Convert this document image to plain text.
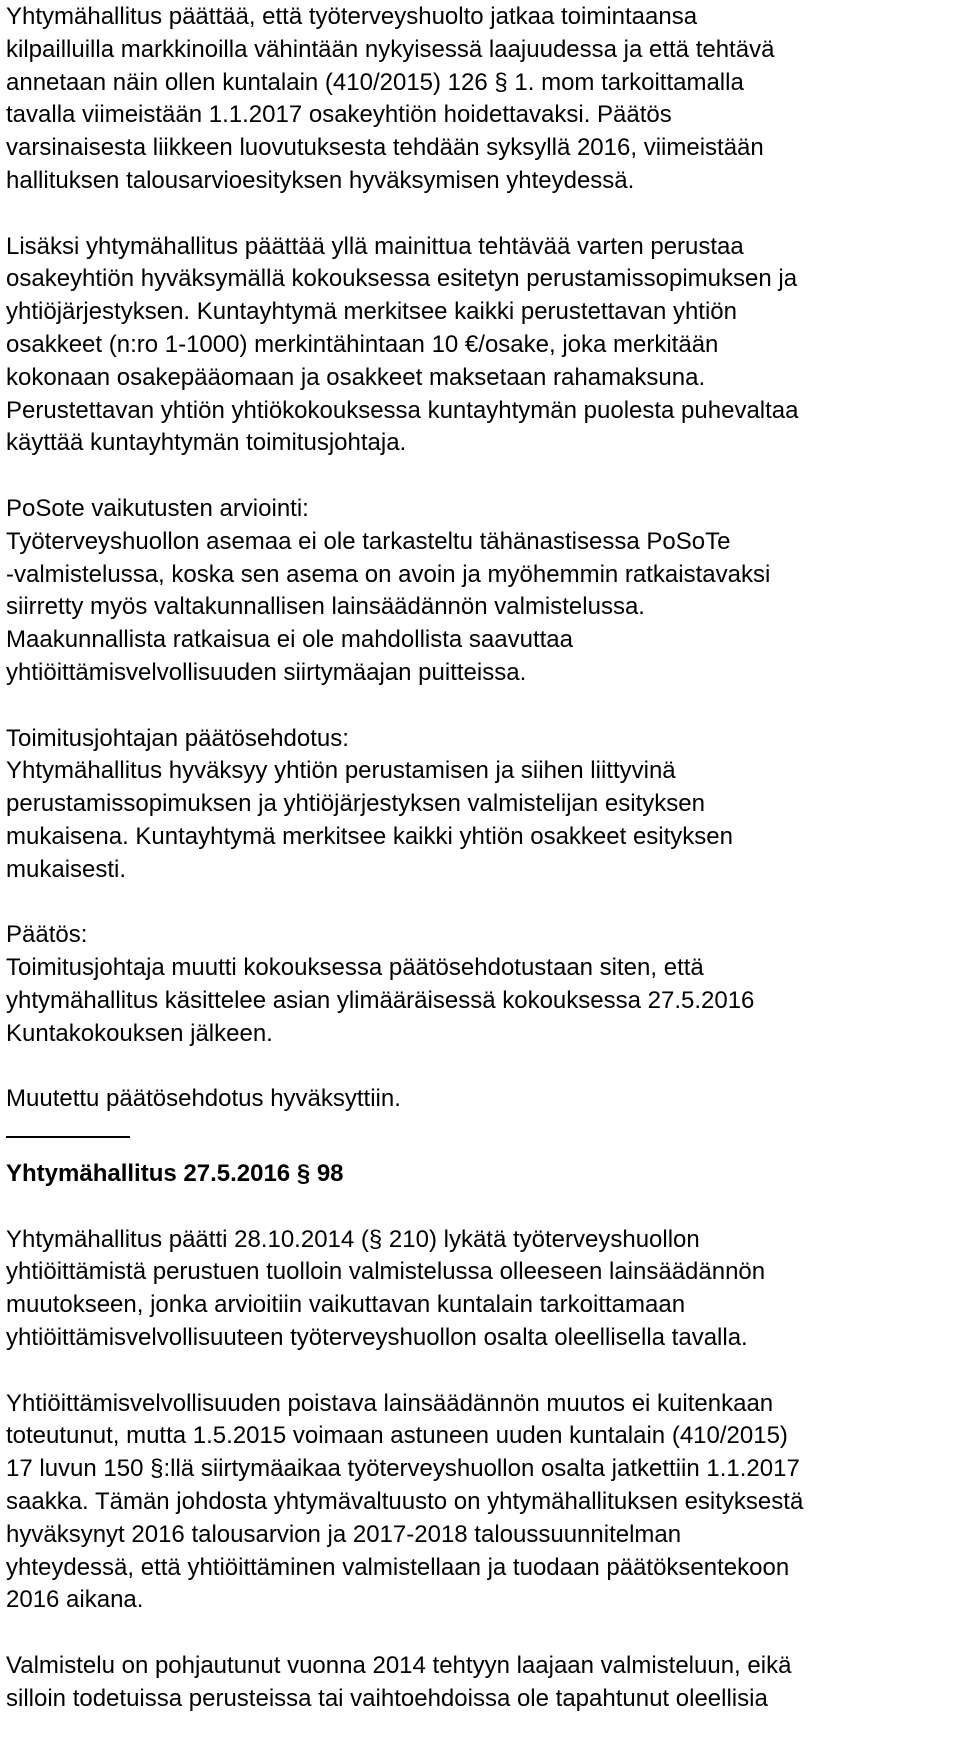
Yhtymähallitus päättää, että työterveyshuolto jatkaa toimintaansa
kilpailluilla markkinoilla vähintään nykyisessä laajuudessa ja että tehtävä
annetaan näin ollen kuntalain (410/2015) 126 § 1. mom tarkoittamalla
tavalla viimeistään 1.1.2017 osakeyhtiön hoidettavaksi. Päätös
varsinaisesta liikkeen luovutuksesta tehdään syksyllä 2016, viimeistään
hallituksen talousarvioesityksen hyväksymisen yhteydessä.
Lisäksi yhtymähallitus päättää yllä mainittua tehtävää varten perustaa
osakeyhtiön hyväksymällä kokouksessa esitetyn perustamissopimuksen ja
yhtiöjärjestyksen. Kuntayhtymä merkitsee kaikki perustettavan yhtiön
osakkeet (n:ro 1-1000) merkintähintaan 10 €/osake, joka merkitään
kokonaan osakepääomaan ja osakkeet maksetaan rahamaksuna.
Perustettavan yhtiön yhtiökokouksessa kuntayhtymän puolesta puhevaltaa
käyttää kuntayhtymän toimitusjohtaja.
PoSote vaikutusten arviointi:
Työterveyshuollon asemaa ei ole tarkasteltu tähänastisessa PoSoTe
-valmistelussa, koska sen asema on avoin ja myöhemmin ratkaistavaksi
siirretty myös valtakunnallisen lainsäädännön valmistelussa.
Maakunnallista ratkaisua ei ole mahdollista saavuttaa
yhtiöittämisvelvollisuuden siirtymäajan puitteissa.
Toimitusjohtajan päätösehdotus:
Yhtymähallitus hyväksyy yhtiön perustamisen ja siihen liittyvinä
perustamissopimuksen ja yhtiöjärjestyksen valmistelijan esityksen
mukaisena. Kuntayhtymä merkitsee kaikki yhtiön osakkeet esityksen
mukaisesti.
Päätös:
Toimitusjohtaja muutti kokouksessa päätösehdotustaan siten, että
yhtymähallitus käsittelee asian ylimääräisessä kokouksessa 27.5.2016
Kuntakokouksen jälkeen.
Muutettu päätösehdotus hyväksyttiin.
Yhtymähallitus 27.5.2016 § 98
Yhtymähallitus päätti 28.10.2014 (§ 210) lykätä työterveyshuollon
yhtiöittämistä perustuen tuolloin valmistelussa olleeseen lainsäädännön
muutokseen, jonka arvioitiin vaikuttavan kuntalain tarkoittamaan
yhtiöittämisvelvollisuuteen työterveyshuollon osalta oleellisella tavalla.
Yhtiöittämisvelvollisuuden poistava lainsäädännön muutos ei kuitenkaan
toteutunut, mutta 1.5.2015 voimaan astuneen uuden kuntalain (410/2015)
17 luvun 150 §:llä siirtymäaikaa työterveyshuollon osalta jatkettiin 1.1.2017
saakka. Tämän johdosta yhtymävaltuusto on yhtymähallituksen esityksestä
hyväksynyt 2016 talousarvion ja 2017-2018 taloussuunnitelman
yhteydessä, että yhtiöittäminen valmistellaan ja tuodaan päätöksentekoon
2016 aikana.
Valmistelu on pohjautunut vuonna 2014 tehtyyn laajaan valmisteluun, eikä
silloin todetuissa perusteissa tai vaihtoehdoissa ole tapahtunut oleellisia
